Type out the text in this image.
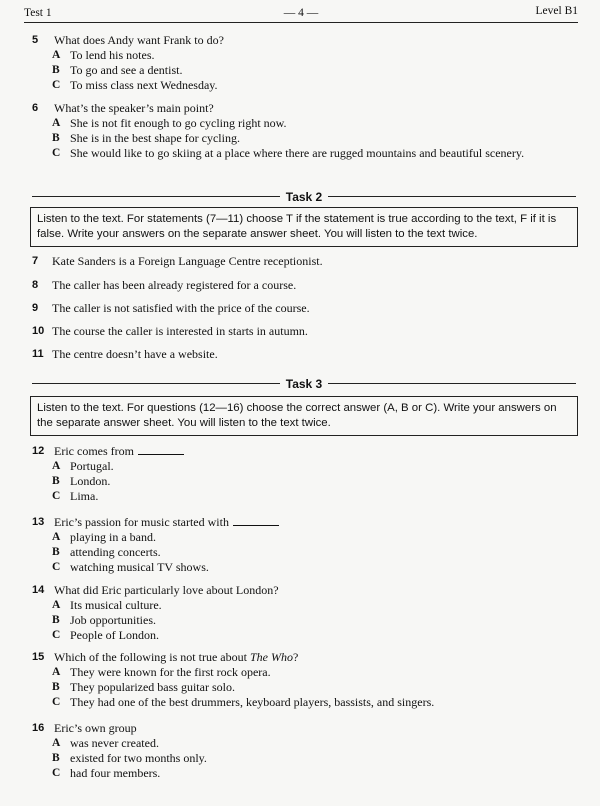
Test 1	— 4 —	Level B1
5	What does Andy want Frank to do?
A To lend his notes.
B To go and see a dentist.
C To miss class next Wednesday.
6	What’s the speaker’s main point?
A She is not fit enough to go cycling right now.
B She is in the best shape for cycling.
C She would like to go skiing at a place where there are rugged mountains and beautiful scenery.
Task 2
Listen to the text. For statements (7—11) choose T if the statement is true according to the text, F if it is false. Write your answers on the separate answer sheet. You will listen to the text twice.
7	Kate Sanders is a Foreign Language Centre receptionist.
8	The caller has been already registered for a course.
9	The caller is not satisfied with the price of the course.
10 The course the caller is interested in starts in autumn.
11 The centre doesn’t have a website.
Task 3
Listen to the text. For questions (12—16) choose the correct answer (A, B or C). Write your answers on the separate answer sheet. You will listen to the text twice.
12 Eric comes from
A Portugal.
B London.
C Lima.
13 Eric’s passion for music started with
A playing in a band.
B attending concerts.
C watching musical TV shows.
14 What did Eric particularly love about London?
A Its musical culture.
B Job opportunities.
C People of London.
15 Which of the following is not true about The Who?
A They were known for the first rock opera.
B They popularized bass guitar solo.
C They had one of the best drummers, keyboard players, bassists, and singers.
16 Eric’s own group
A was never created.
B existed for two months only.
C had four members.
